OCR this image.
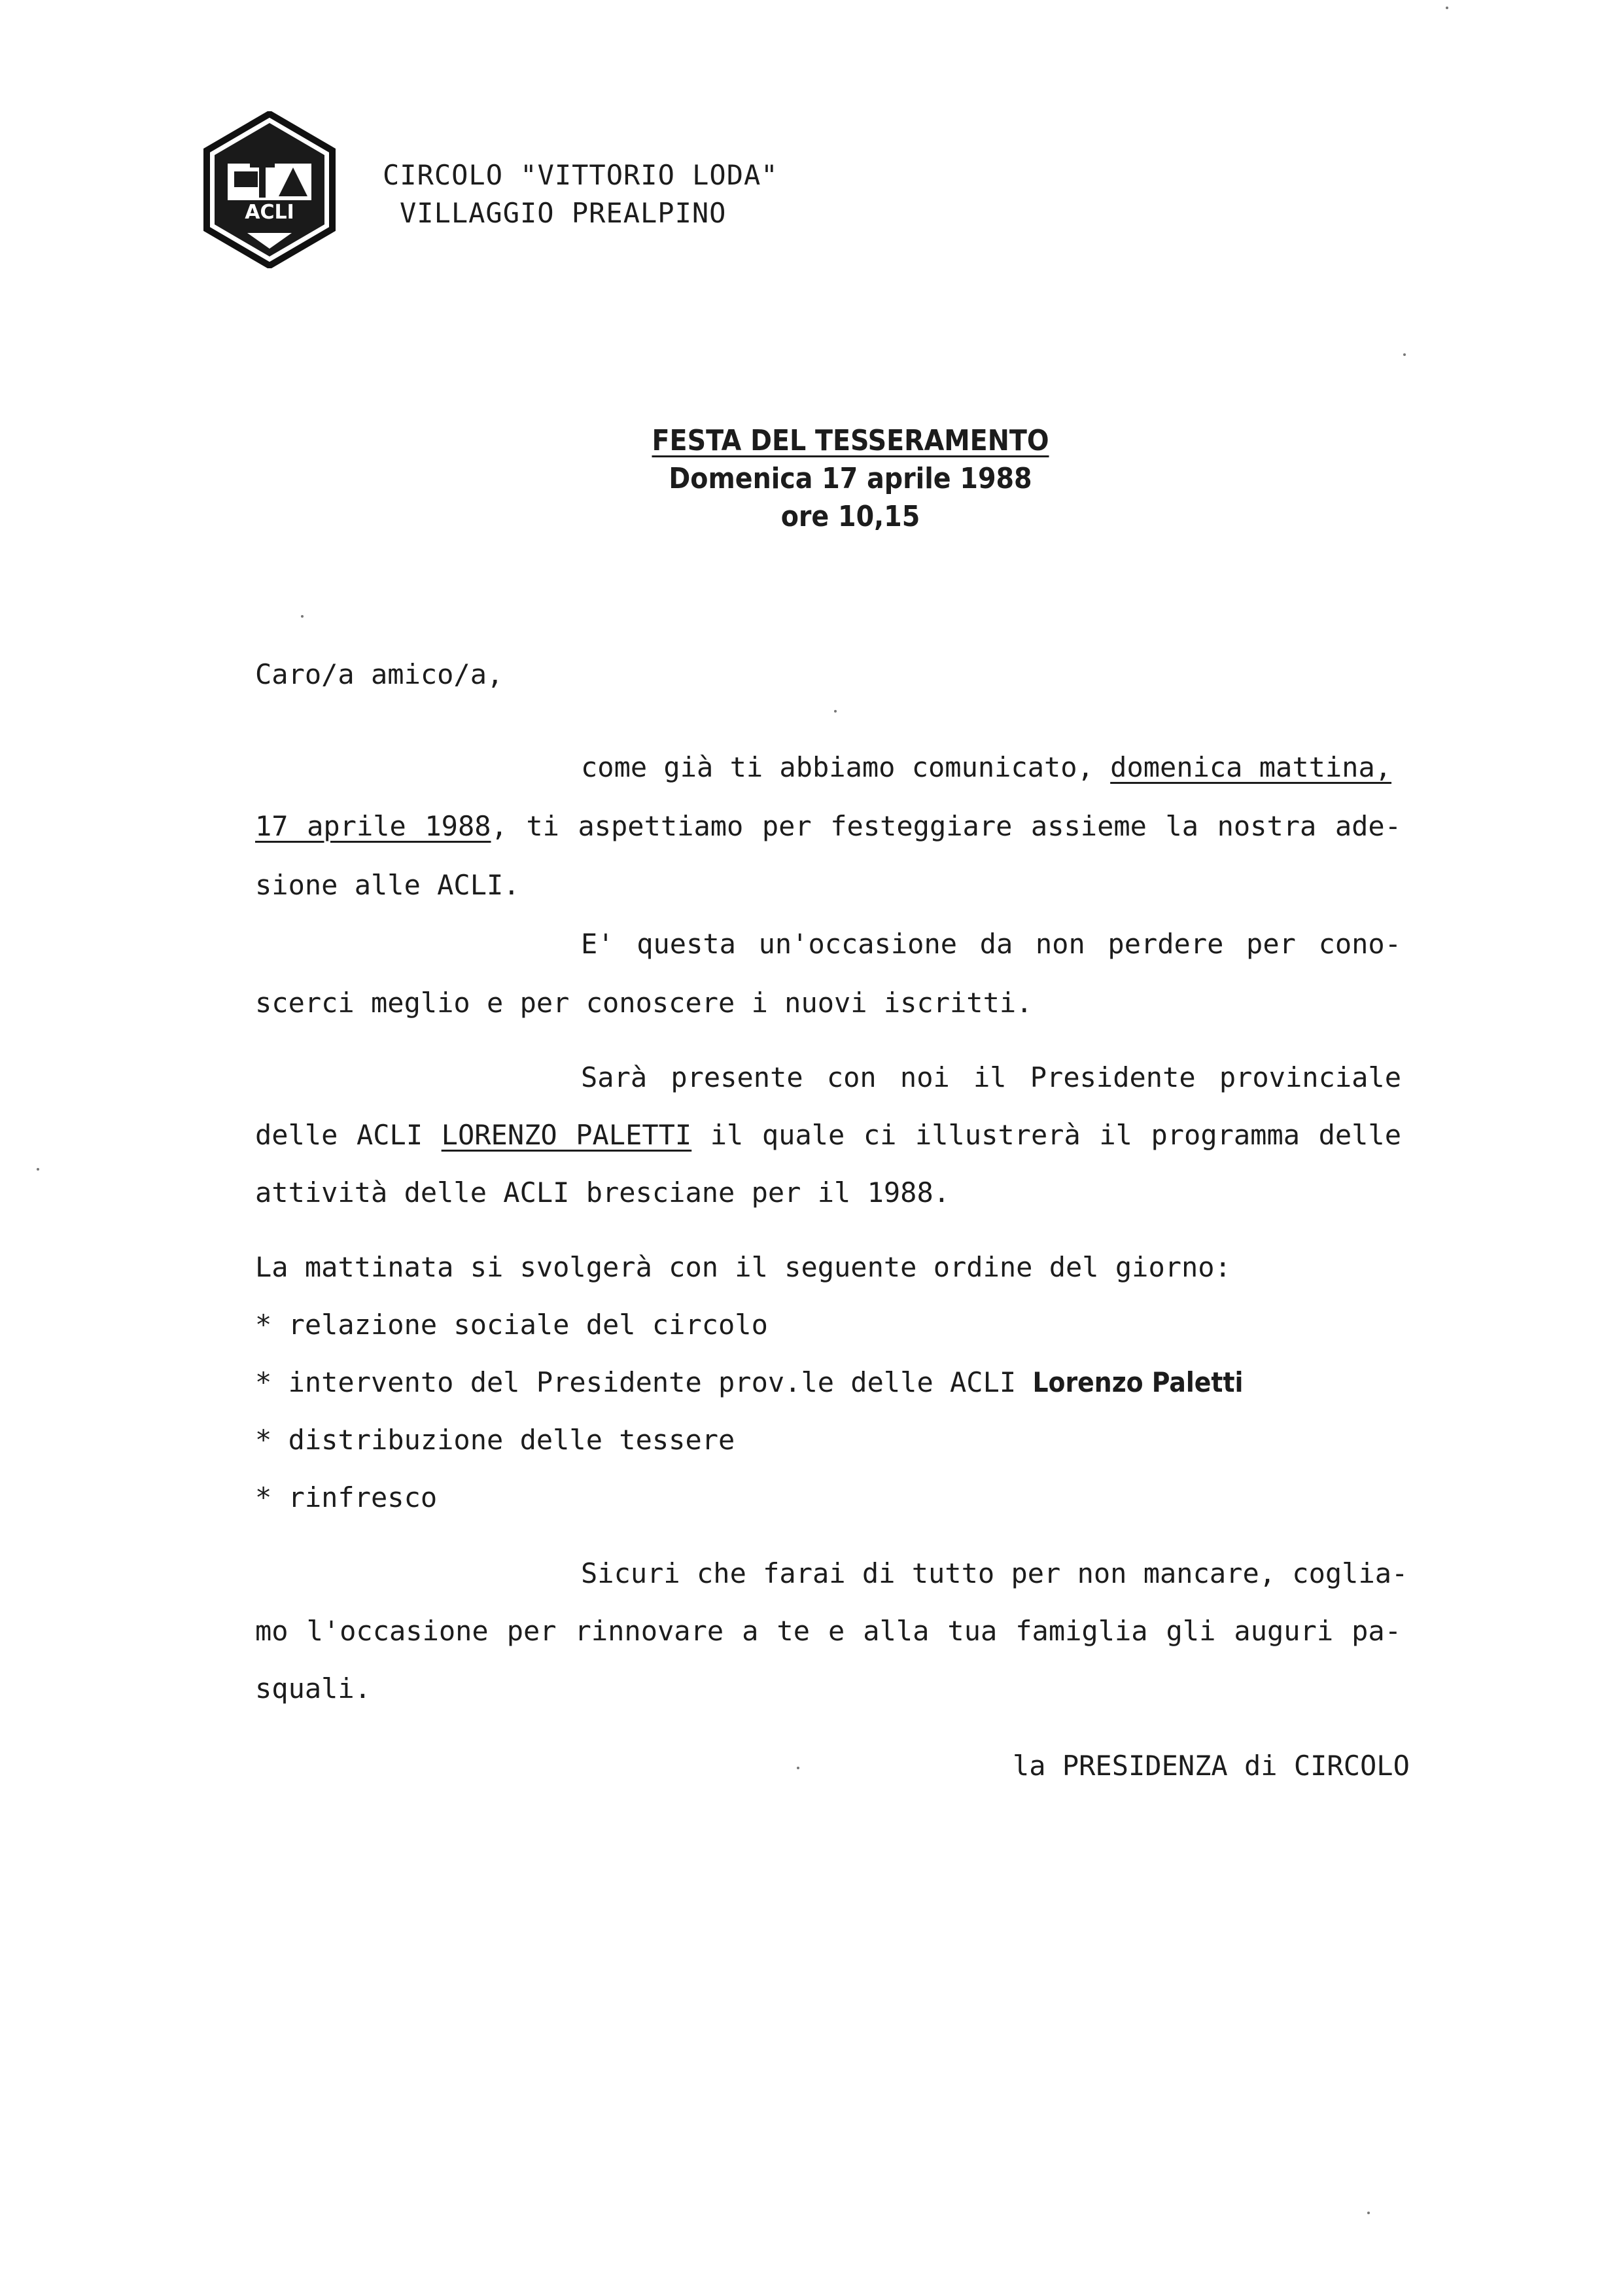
ACLI
CIRCOLO "VITTORIO LODA"
VILLAGGIO PREALPINO
FESTA DEL TESSERAMENTO
Domenica 17 aprile 1988
ore 10,15
Caro/a amico/a,
come già ti abbiamo comunicato, domenica mattina,
17 aprile 1988, ti aspettiamo per festeggiare assieme la nostra ade-
sione alle ACLI.
E' questa un'occasione da non perdere per cono-
scerci meglio e per conoscere i nuovi iscritti.
Sarà presente con noi il Presidente provinciale
delle ACLI LORENZO PALETTI il quale ci illustrerà il programma delle
attività delle ACLI bresciane per il 1988.
La mattinata si svolgerà con il seguente ordine del giorno:
* relazione sociale del circolo
* intervento del Presidente prov.le delle ACLI Lorenzo Paletti
* distribuzione delle tessere
* rinfresco
Sicuri che farai di tutto per non mancare, coglia-
mo l'occasione per rinnovare a te e alla tua famiglia gli auguri pa-
squali.
la PRESIDENZA di CIRCOLO
